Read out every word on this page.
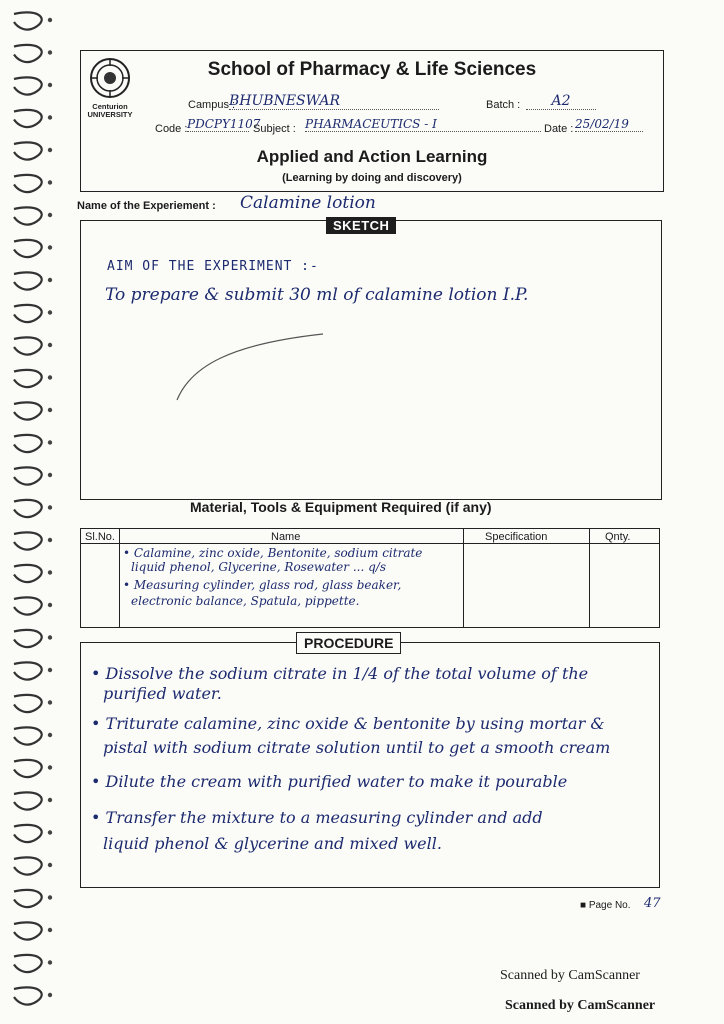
Centurion UNIVERSITY
School of Pharmacy & Life Sciences
Campus :
BHUBNESWAR	Batch :	A2
Code : PDCPY1107
Subject : PHARMACEUTICS - I	Date : 25/02/19
Applied and Action Learning
(Learning by doing and discovery)
Name of the Experiement : Calamine lotion
AIM OF THE EXPERIMENT :-
To prepare & submit 30 ml of calamine lotion I.P.
SKETCH
Material, Tools & Equipment Required (if any)
Sl.No.	Name	Specification	Qnty.
• Calamine, zinc oxide, Bentonite, sodium citrate
liquid phenol, Glycerine, Rosewater ... q/s
• Measuring cylinder, glass rod, glass beaker,
electronic balance, Spatula, pippette.
• Dissolve the sodium citrate in 1/4 of the total volume of the
purified water.
• Triturate calamine, zinc oxide & bentonite by using mortar &
pistal with sodium citrate solution until to get a smooth cream
• Dilute the cream with purified water to make it pourable
• Transfer the mixture to a measuring cylinder and add
liquid phenol & glycerine and mixed well.
PROCEDURE
■ Page No. 47
Scanned by CamScanner
Scanned by CamScanner
